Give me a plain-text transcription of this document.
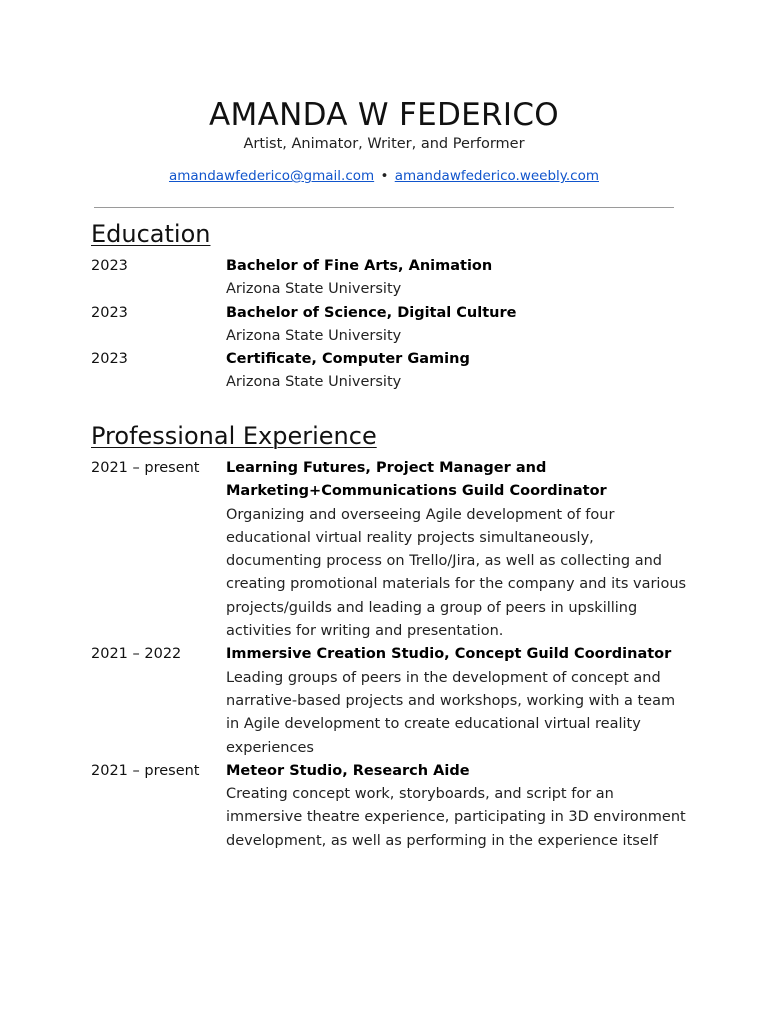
AMANDA W FEDERICO
Artist, Animator, Writer, and Performer
amandawfederico@gmail.com • amandawfederico.weebly.com
Education
2023	Bachelor of Fine Arts, Animation
Arizona State University
2023	Bachelor of Science, Digital Culture
Arizona State University
2023	Certificate, Computer Gaming
Arizona State University
Professional Experience
2021 – present	Learning Futures, Project Manager and Marketing+Communications Guild Coordinator
Organizing and overseeing Agile development of four educational virtual reality projects simultaneously, documenting process on Trello/Jira, as well as collecting and creating promotional materials for the company and its various projects/guilds and leading a group of peers in upskilling activities for writing and presentation.
2021 – 2022	Immersive Creation Studio, Concept Guild Coordinator
Leading groups of peers in the development of concept and narrative-based projects and workshops, working with a team in Agile development to create educational virtual reality experiences
2021 – present	Meteor Studio, Research Aide
Creating concept work, storyboards, and script for an immersive theatre experience, participating in 3D environment development, as well as performing in the experience itself
